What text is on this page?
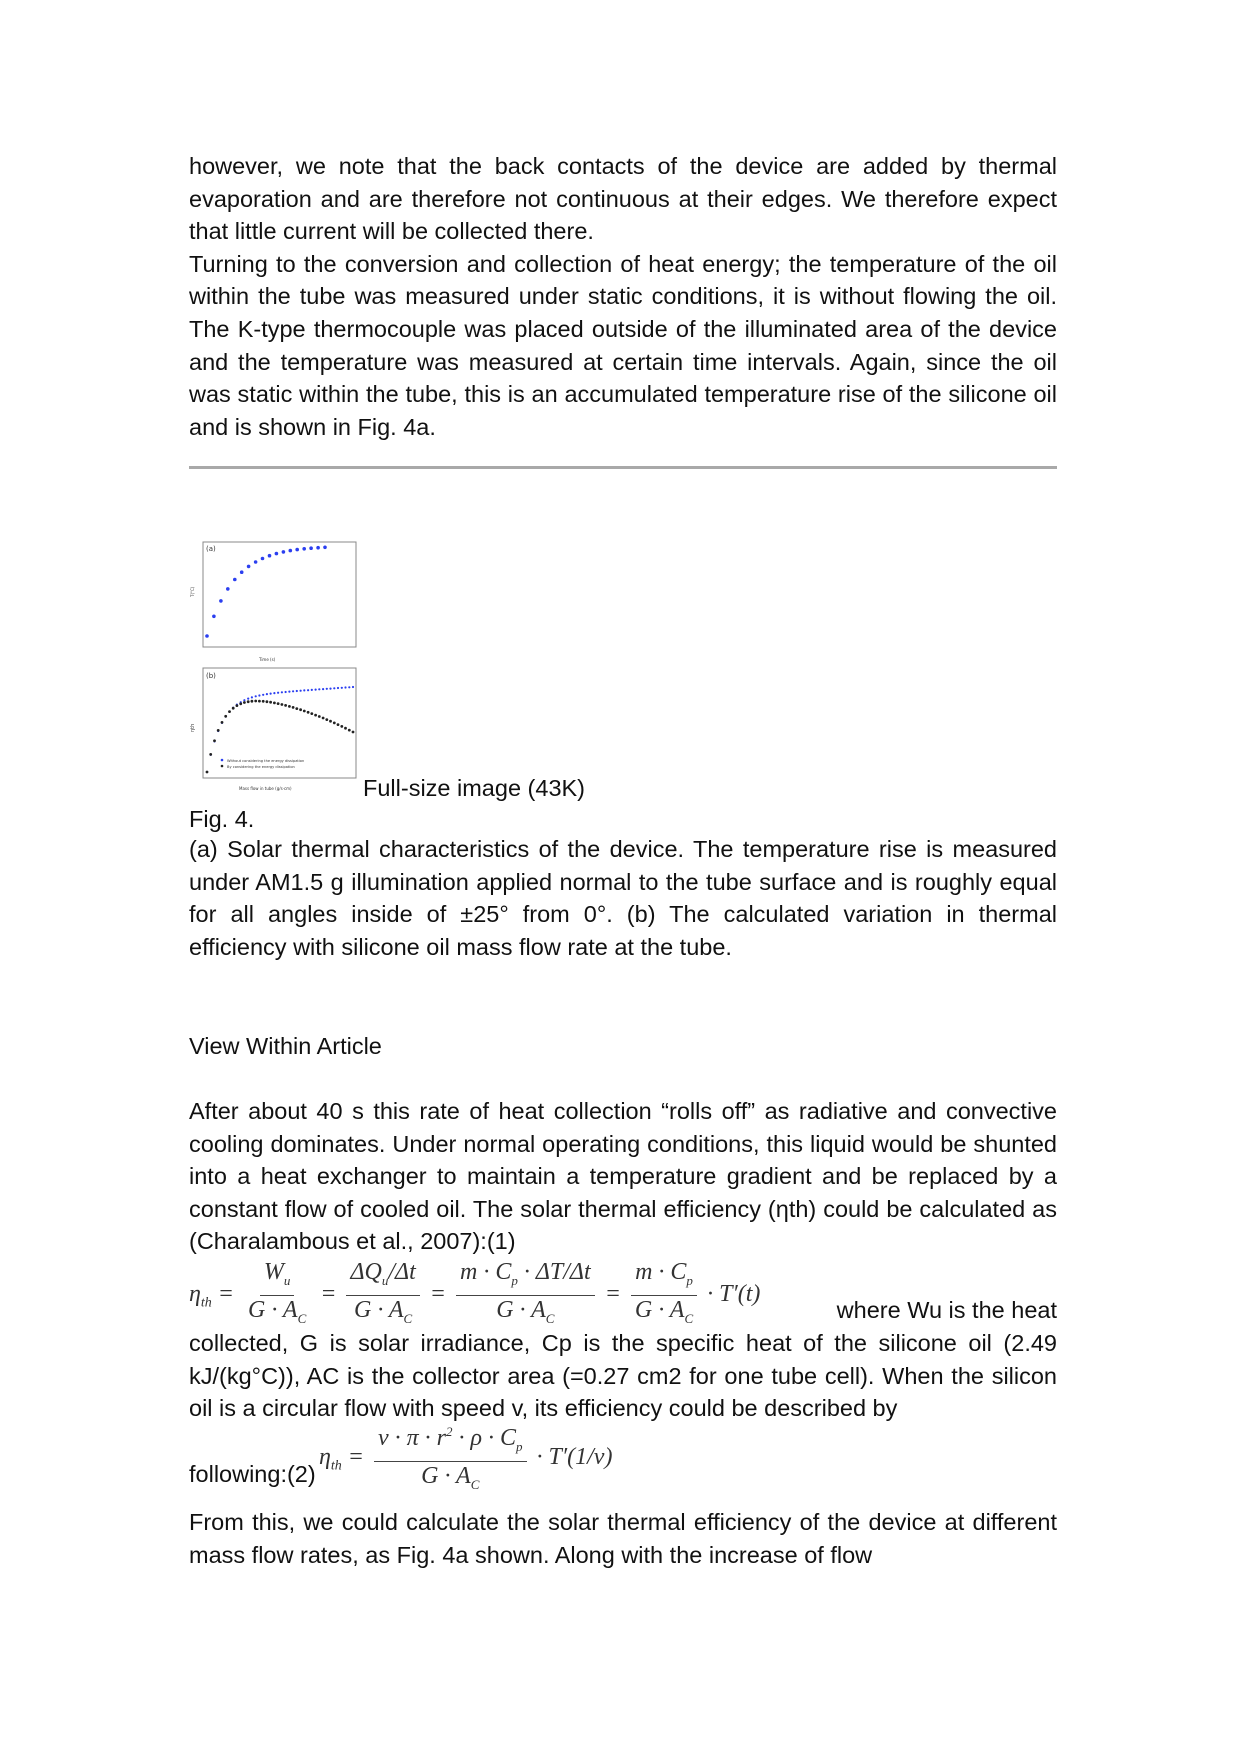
however, we note that the back contacts of the device are added by thermal evaporation and are therefore not continuous at their edges. We therefore expect that little current will be collected there.

Turning to the conversion and collection of heat energy; the temperature of the oil within the tube was measured under static conditions, it is without flowing the oil. The K-type thermocouple was placed outside of the illuminated area of the device and the temperature was measured at certain time intervals. Again, since the oil was static within the tube, this is an accumulated temperature rise of the silicone oil and is shown in Fig. 4a.

(a)
Time (s)
T(°C)
(b)
Mass flow in tube (g/s·cm)
ηth
Without considering the energy dissipation
By considering the energy dissipation
Full-size image (43K)
Fig. 4.

(a) Solar thermal characteristics of the device. The temperature rise is measured under AM1.5 g illumination applied normal to the tube surface and is roughly equal for all angles inside of ±25° from 0°. (b) The calculated variation in thermal efficiency with silicone oil mass flow rate at the tube.

View Within Article

After about 40 s this rate of heat collection “rolls off” as radiative and convective cooling dominates. Under normal operating conditions, this liquid would be shunted into a heat exchanger to maintain a temperature gradient and be replaced by a constant flow of cooled oil. The solar thermal efficiency (ηth) could be calculated as (Charalambous et al., 2007):(1)

$\eta_{th} = \frac{W_u}{G \cdot A_C} = \frac{\Delta Q_u/\Delta t}{G \cdot A_C} = \frac{m \cdot C_p \cdot \Delta T/\Delta t}{G \cdot A_C} = \frac{m \cdot C_p}{G \cdot A_C} \cdot T'(t)$
where Wu is the heat

collected, G is solar irradiance, Cp is the specific heat of the silicone oil (2.49 kJ/(kg°C)), AC is the collector area (=0.27 cm2 for one tube cell). When the silicon oil is a circular flow with speed v, its efficiency could be described by

following:(2)
$\eta_{th} = \frac{v \cdot \pi \cdot r^2 \cdot \rho \cdot C_p}{G \cdot A_C} \cdot T'(1/v)$

From this, we could calculate the solar thermal efficiency of the device at different mass flow rates, as Fig. 4a shown. Along with the increase of flow
